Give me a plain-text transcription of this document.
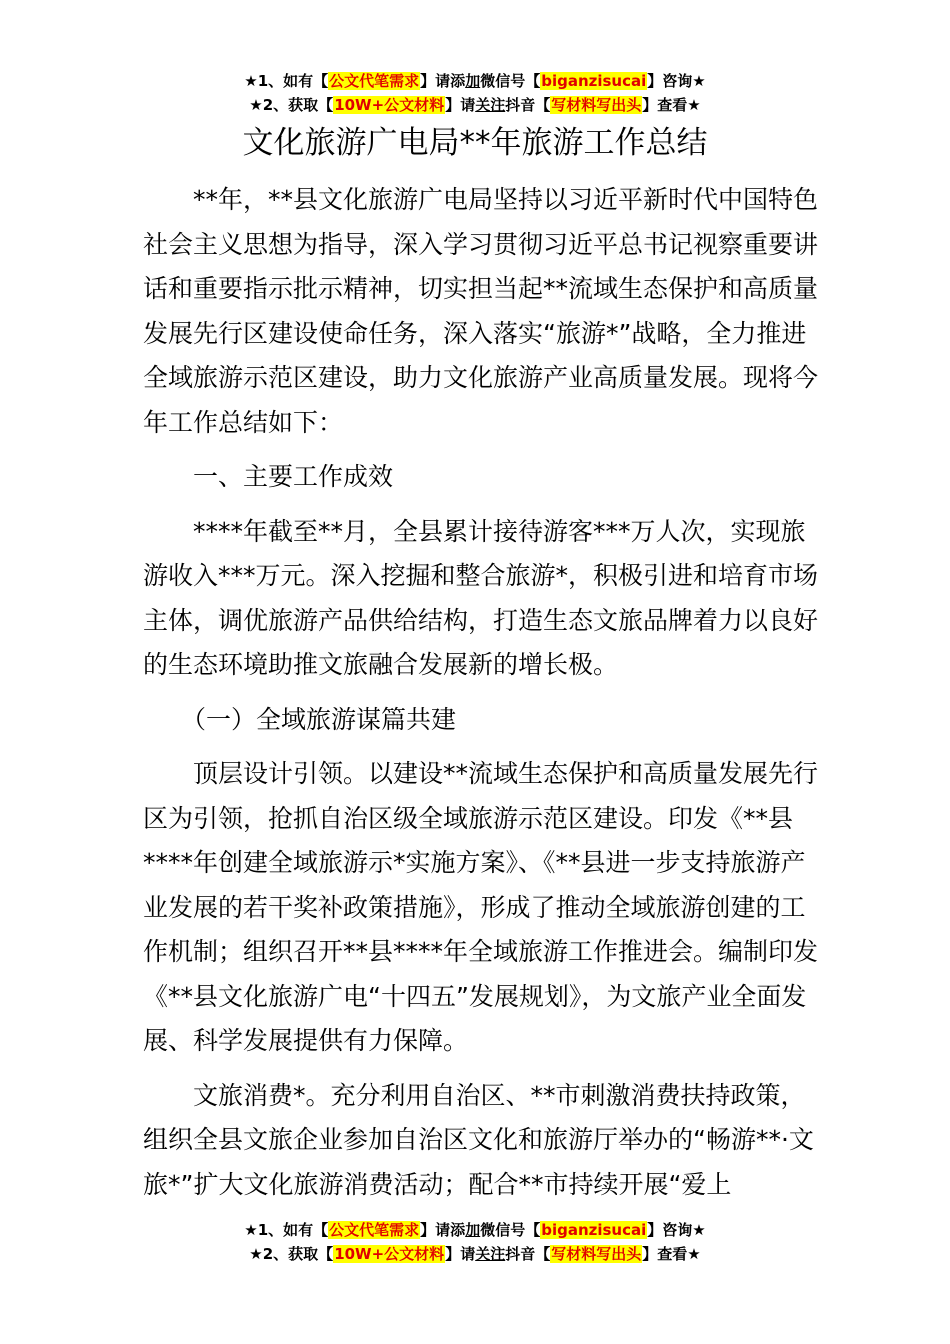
★1、如有【公文代笔需求】请添加微信号【biganzisucai】咨询★
★2、获取【10W+公文材料】请关注抖音【写材料写出头】查看★
文化旅游广电局**年旅游工作总结

**年，**县文化旅游广电局坚持以习近平新时代中国特色社会主义思想为指导，深入学习贯彻习近平总书记视察重要讲话和重要指示批示精神，切实担当起**流域生态保护和高质量发展先行区建设使命任务，深入落实“旅游*”战略，全力推进全域旅游示范区建设，助力文化旅游产业高质量发展。现将今年工作总结如下：

一、主要工作成效

****年截至**月，全县累计接待游客***万人次，实现旅游收入***万元。深入挖掘和整合旅游*，积极引进和培育市场主体，调优旅游产品供给结构，打造生态文旅品牌着力以良好的生态环境助推文旅融合发展新的增长极。

（一）全域旅游谋篇共建

顶层设计引领。以建设**流域生态保护和高质量发展先行区为引领，抢抓自治区级全域旅游示范区建设。印发《**县****年创建全域旅游示*实施方案》、《**县进一步支持旅游产业发展的若干奖补政策措施》，形成了推动全域旅游创建的工作机制；组织召开**县****年全域旅游工作推进会。编制印发《**县文化旅游广电“十四五”发展规划》，为文旅产业全面发展、科学发展提供有力保障。

文旅消费*。充分利用自治区、**市刺激消费扶持政策，组织全县文旅企业参加自治区文化和旅游厅举办的“畅游**·文旅*”扩大文化旅游消费活动；配合**市持续开展“爱上

★1、如有【公文代笔需求】请添加微信号【biganzisucai】咨询★
★2、获取【10W+公文材料】请关注抖音【写材料写出头】查看★
